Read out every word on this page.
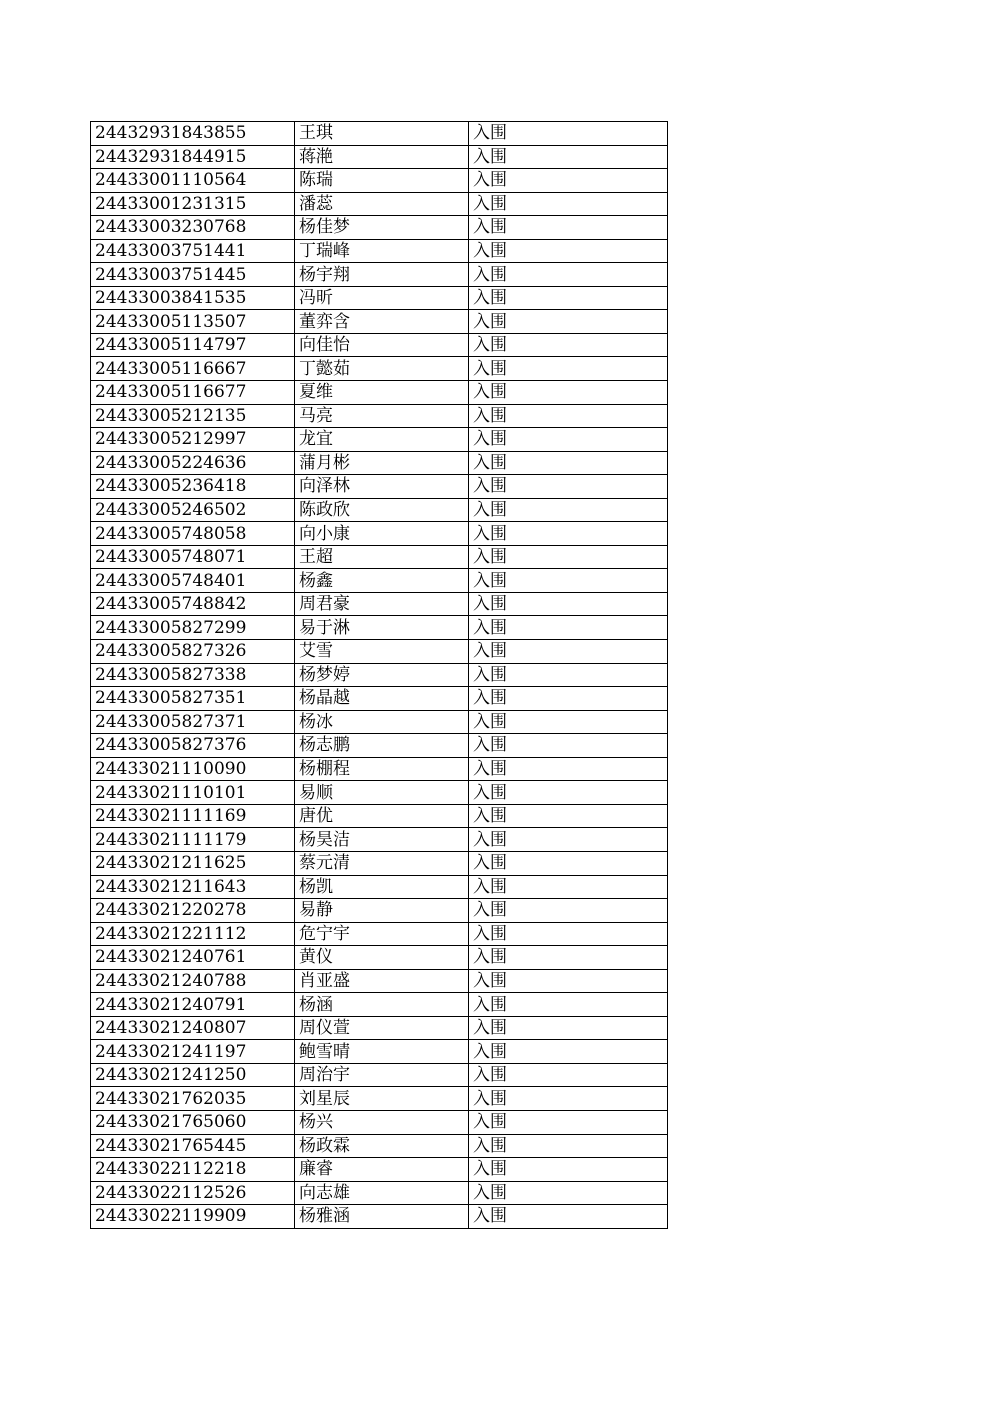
24432931843855	王琪	入围
24432931844915	蒋滟	入围
24433001110564	陈瑞	入围
24433001231315	潘蕊	入围
24433003230768	杨佳梦	入围
24433003751441	丁瑞峰	入围
24433003751445	杨宇翔	入围
24433003841535	冯昕	入围
24433005113507	董弈含	入围
24433005114797	向佳怡	入围
24433005116667	丁懿茹	入围
24433005116677	夏维	入围
24433005212135	马亮	入围
24433005212997	龙宜	入围
24433005224636	蒲月彬	入围
24433005236418	向泽林	入围
24433005246502	陈政欣	入围
24433005748058	向小康	入围
24433005748071	王超	入围
24433005748401	杨鑫	入围
24433005748842	周君豪	入围
24433005827299	易于淋	入围
24433005827326	艾雪	入围
24433005827338	杨梦婷	入围
24433005827351	杨晶越	入围
24433005827371	杨冰	入围
24433005827376	杨志鹏	入围
24433021110090	杨棚程	入围
24433021110101	易顺	入围
24433021111169	唐优	入围
24433021111179	杨昊洁	入围
24433021211625	蔡元清	入围
24433021211643	杨凯	入围
24433021220278	易静	入围
24433021221112	危宁宇	入围
24433021240761	黄仪	入围
24433021240788	肖亚盛	入围
24433021240791	杨涵	入围
24433021240807	周仪萱	入围
24433021241197	鲍雪晴	入围
24433021241250	周治宇	入围
24433021762035	刘星辰	入围
24433021765060	杨兴	入围
24433021765445	杨政霖	入围
24433022112218	廉睿	入围
24433022112526	向志雄	入围
24433022119909	杨雅涵	入围
